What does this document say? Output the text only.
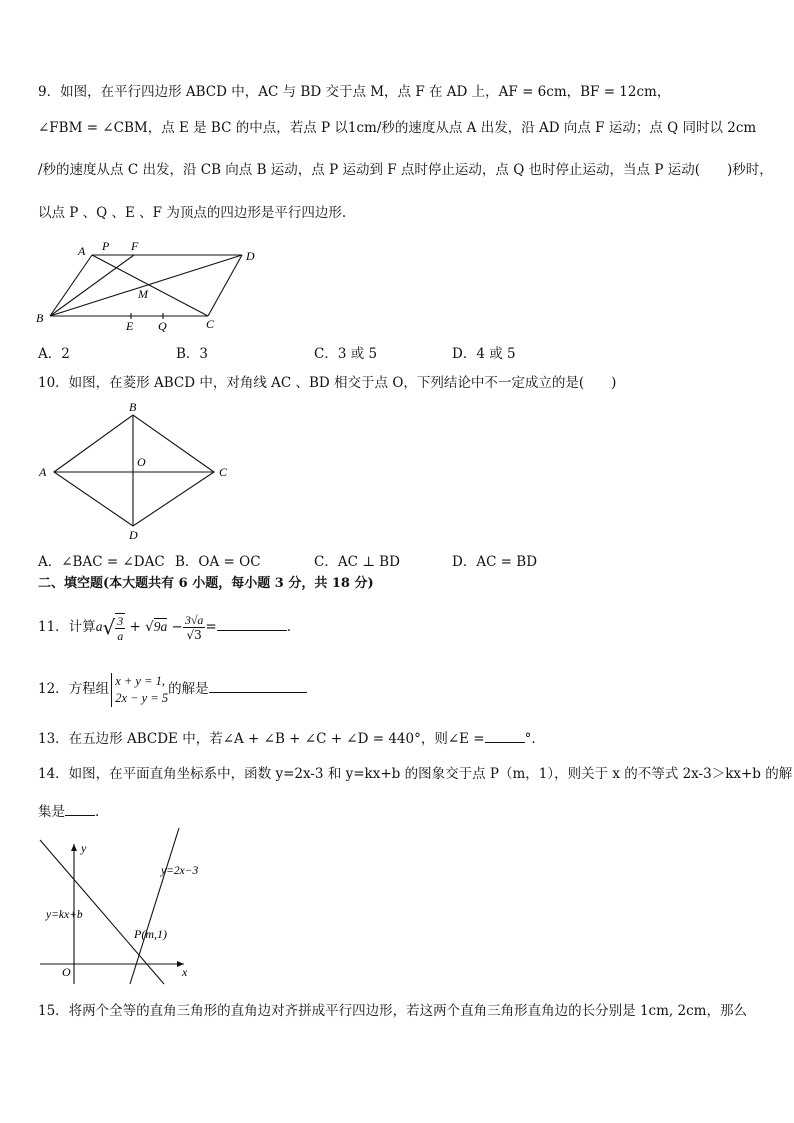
9．如图，在平行四边形 ABCD 中，AC 与 BD 交于点 M，点 F 在 AD 上，AF = 6cm，BF = 12cm，
∠FBM = ∠CBM，点 E 是 BC 的中点，若点 P 以1cm/秒的速度从点 A 出发，沿 AD 向点 F 运动；点 Q 同时以 2cm
/秒的速度从点 C 出发，沿 CB 向点 B 运动，点 P 运动到 F 点时停止运动，点 Q 也时停止运动，当点 P 运动(　　)秒时，
以点 P 、Q 、E 、F 为顶点的四边形是平行四边形.
A P F
D
M
B
E Q	C
A．2	B．3	C．3 或 5	D．4 或 5
10．如图，在菱形 ABCD 中，对角线 AC 、BD 相交于点 O，下列结论中不一定成立的是(　　)
B
A
O
C
D
A．∠BAC = ∠DAC B．OA = OC	C．AC ⊥ BD	D．AC = BD
二、填空题(本大题共有 6 小题，每小题 3 分，共 18 分)
11．计算$a√ \frac{3}{a} + √9a - \frac{3√a}{√3}$ =	.
12．方程组
x + y = 1,
2x − y = 5
的解是
13．在五边形 ABCDE 中，若∠A + ∠B + ∠C + ∠D = 440°，则∠E =	°.
14．如图，在平面直角坐标系中，函数 y=2x-3 和 y=kx+b 的图象交于点 P（m，1），则关于 x 的不等式 2x-3＞kx+b 的解
集是 .
y
x
O
y=2x−3
y=kx+b
P(m,1)
15．将两个全等的直角三角形的直角边对齐拼成平行四边形，若这两个直角三角形直角边的长分别是 1cm, 2cm，那么
